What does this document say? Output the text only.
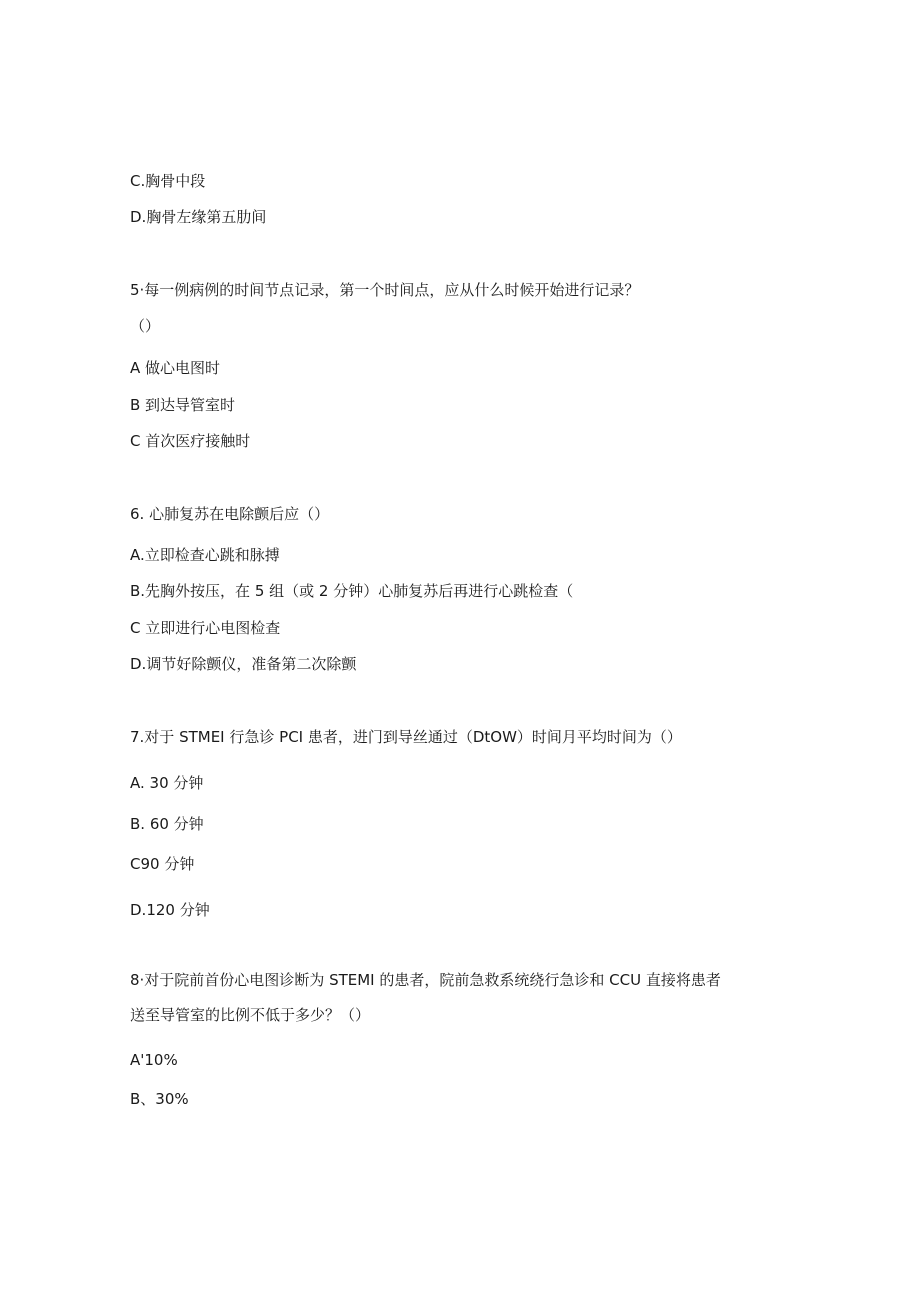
C.胸骨中段
D.胸骨左缘第五肋间
5·每一例病例的时间节点记录，第一个时间点，应从什么时候开始进行记录？
（）
A 做心电图时
B 到达导管室时
C 首次医疗接触时
6. 心肺复苏在电除颤后应（）
A.立即检查心跳和脉搏
B.先胸外按压，在 5 组（或 2 分钟）心肺复苏后再进行心跳检查（
C 立即进行心电图检查
D.调节好除颤仪，准备第二次除颤
7.对于 STMEI 行急诊 PCI 患者，进门到导丝通过（DtOW）时间月平均时间为（）
A. 30 分钟
B. 60 分钟
C90 分钟
D.120 分钟
8·对于院前首份心电图诊断为 STEMI 的患者，院前急救系统绕行急诊和 CCU 直接将患者
送至导管室的比例不低于多少？（）
A'10%
B、30%
